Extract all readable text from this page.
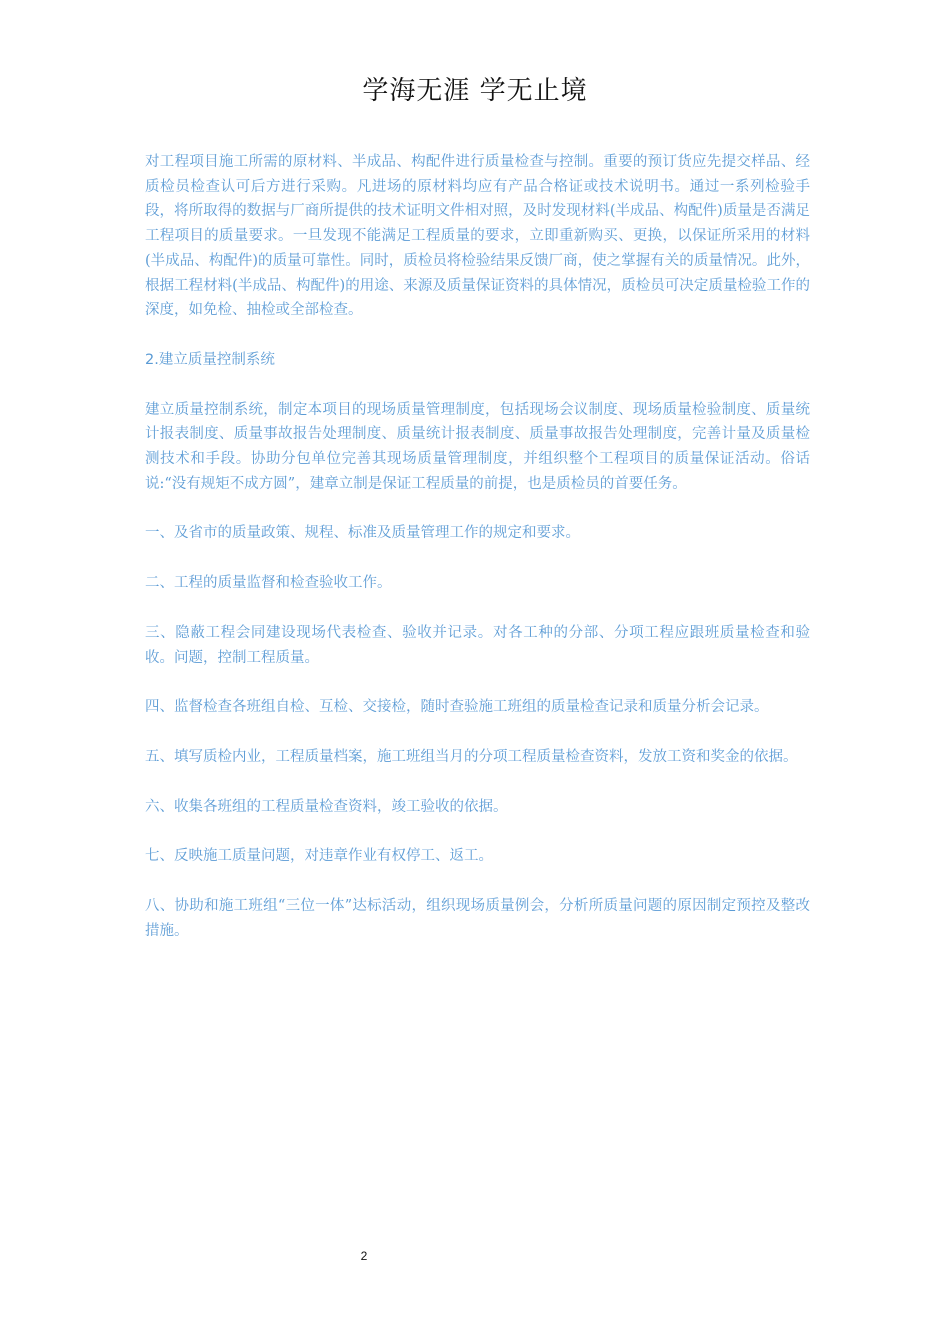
学海无涯 学无止境

对工程项目施工所需的原材料、半成品、构配件进行质量检查与控制。重要的预订货应先提交样品、经质检员检查认可后方进行采购。凡进场的原材料均应有产品合格证或技术说明书。通过一系列检验手段，将所取得的数据与厂商所提供的技术证明文件相对照，及时发现材料(半成品、构配件)质量是否满足工程项目的质量要求。一旦发现不能满足工程质量的要求，立即重新购买、更换，以保证所采用的材料(半成品、构配件)的质量可靠性。同时，质检员将检验结果反馈厂商，使之掌握有关的质量情况。此外，根据工程材料(半成品、构配件)的用途、来源及质量保证资料的具体情况，质检员可决定质量检验工作的深度，如免检、抽检或全部检查。

2.建立质量控制系统

建立质量控制系统，制定本项目的现场质量管理制度，包括现场会议制度、现场质量检验制度、质量统计报表制度、质量事故报告处理制度、质量统计报表制度、质量事故报告处理制度，完善计量及质量检测技术和手段。协助分包单位完善其现场质量管理制度，并组织整个工程项目的质量保证活动。俗话说:“没有规矩不成方圆”，建章立制是保证工程质量的前提，也是质检员的首要任务。

一、及省市的质量政策、规程、标准及质量管理工作的规定和要求。

二、工程的质量监督和检查验收工作。

三、隐蔽工程会同建设现场代表检查、验收并记录。对各工种的分部、分项工程应跟班质量检查和验收。问题，控制工程质量。

四、监督检查各班组自检、互检、交接检，随时查验施工班组的质量检查记录和质量分析会记录。

五、填写质检内业，工程质量档案，施工班组当月的分项工程质量检查资料，发放工资和奖金的依据。

六、收集各班组的工程质量检查资料，竣工验收的依据。

七、反映施工质量问题，对违章作业有权停工、返工。

八、协助和施工班组“三位一体”达标活动，组织现场质量例会，分析所质量问题的原因制定预控及整改措施。

2
